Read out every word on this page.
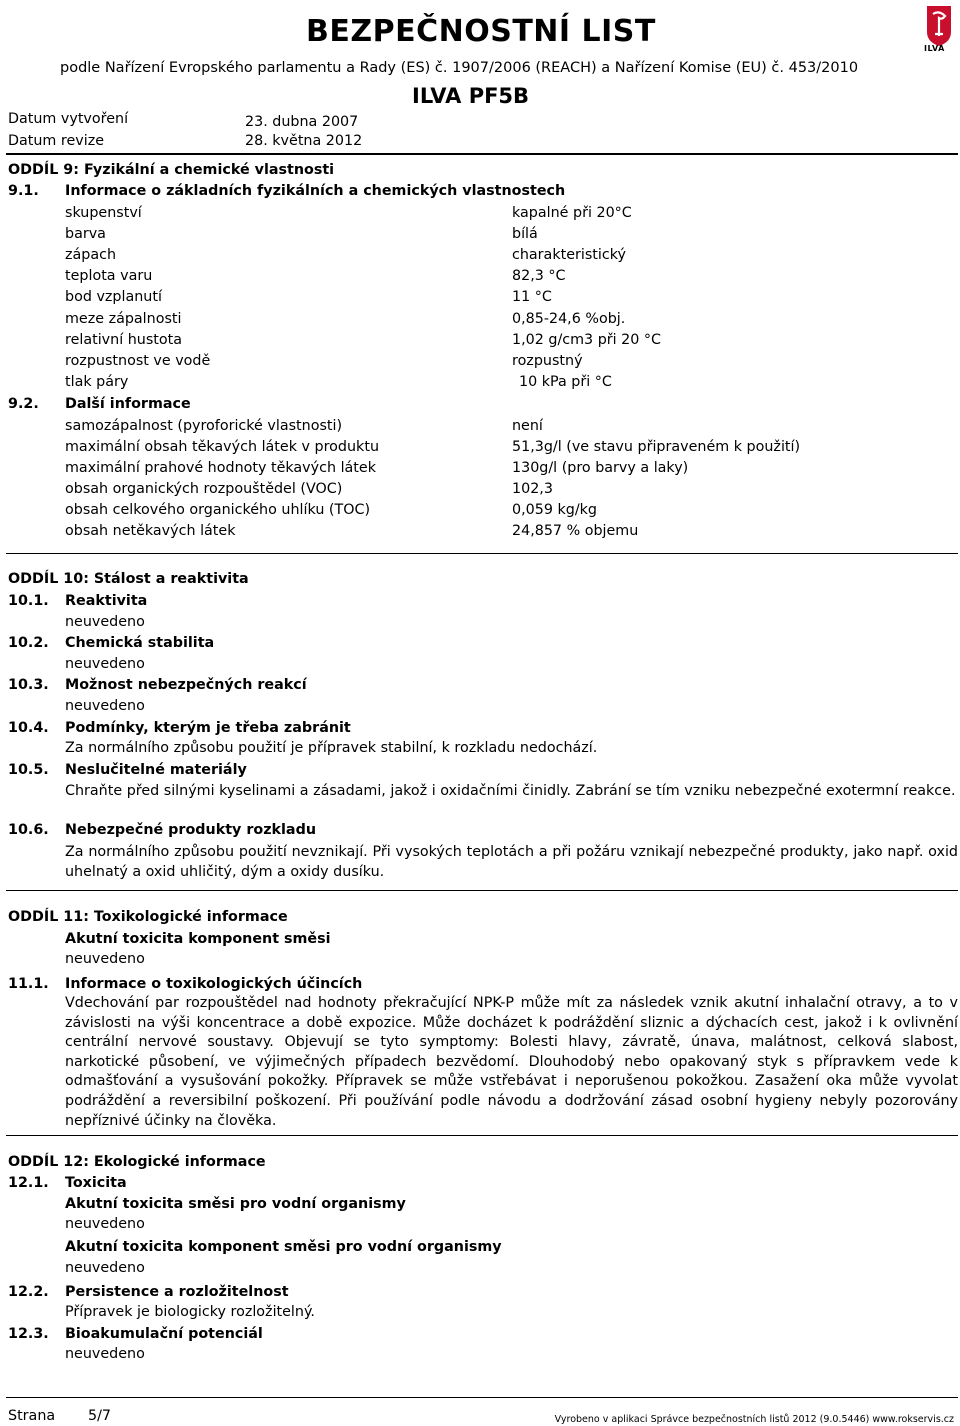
BEZPEČNOSTNÍ LIST
podle Nařízení Evropského parlamentu a Rady (ES) č. 1907/2006 (REACH) a Nařízení Komise (EU) č. 453/2010
ILVA PF5B
ILVA
Datum vytvoření	23. dubna 2007
Datum revize	28. května 2012
ODDÍL 9: Fyzikální a chemické vlastnosti
9.1. Informace o základních fyzikálních a chemických vlastnostech
skupenství	kapalné při 20°C
barva	bílá
zápach	charakteristický
teplota varu	82,3 °C
bod vzplanutí	11 °C
meze zápalnosti	0,85-24,6 %obj.
relativní hustota	1,02 g/cm3 při 20 °C
rozpustnost ve vodě	rozpustný
tlak páry	10 kPa při °C
9.2. Další informace
samozápalnost (pyroforické vlastnosti)	není
maximální obsah těkavých látek v produktu	51,3g/l (ve stavu připraveném k použití)
maximální prahové hodnoty těkavých látek	130g/l (pro barvy a laky)
obsah organických rozpouštědel (VOC)	102,3
obsah celkového organického uhlíku (TOC)	0,059 kg/kg
obsah netěkavých látek	24,857 % objemu
ODDÍL 10: Stálost a reaktivita
10.1. Reaktivita
neuvedeno
10.2. Chemická stabilita
neuvedeno
10.3. Možnost nebezpečných reakcí
neuvedeno
10.4. Podmínky, kterým je třeba zabránit
Za normálního způsobu použití je přípravek stabilní, k rozkladu nedochází.
10.5. Neslučitelné materiály
Chraňte před silnými kyselinami a zásadami, jakož i oxidačními činidly. Zabrání se tím vzniku nebezpečné exotermní reakce.
10.6. Nebezpečné produkty rozkladu
Za normálního způsobu použití nevznikají. Při vysokých teplotách a při požáru vznikají nebezpečné produkty, jako např. oxid uhelnatý a oxid uhličitý, dým a oxidy dusíku.
ODDÍL 11: Toxikologické informace
Akutní toxicita komponent směsi
neuvedeno
11.1. Informace o toxikologických účincích
Vdechování par rozpouštědel nad hodnoty překračující NPK-P může mít za následek vznik akutní inhalační otravy, a to v závislosti na výši koncentrace a době expozice. Může docházet k podráždění sliznic a dýchacích cest, jakož i k ovlivnění centrální nervové soustavy. Objevují se tyto symptomy: Bolesti hlavy, závratě, únava, malátnost, celková slabost, narkotické působení, ve výjimečných případech bezvědomí. Dlouhodobý nebo opakovaný styk s přípravkem vede k odmašťování a vysušování pokožky. Přípravek se může vstřebávat i neporušenou pokožkou. Zasažení oka může vyvolat podráždění a reversibilní poškození. Při používání podle návodu a dodržování zásad osobní hygieny nebyly pozorovány nepříznivé účinky na člověka.
ODDÍL 12: Ekologické informace
12.1. Toxicita
Akutní toxicita směsi pro vodní organismy
neuvedeno
Akutní toxicita komponent směsi pro vodní organismy
neuvedeno
12.2. Persistence a rozložitelnost
Přípravek je biologicky rozložitelný.
12.3. Bioakumulační potenciál
neuvedeno
Strana 5/7	Vyrobeno v aplikaci Správce bezpečnostních listů 2012 (9.0.5446) www.rokservis.cz
